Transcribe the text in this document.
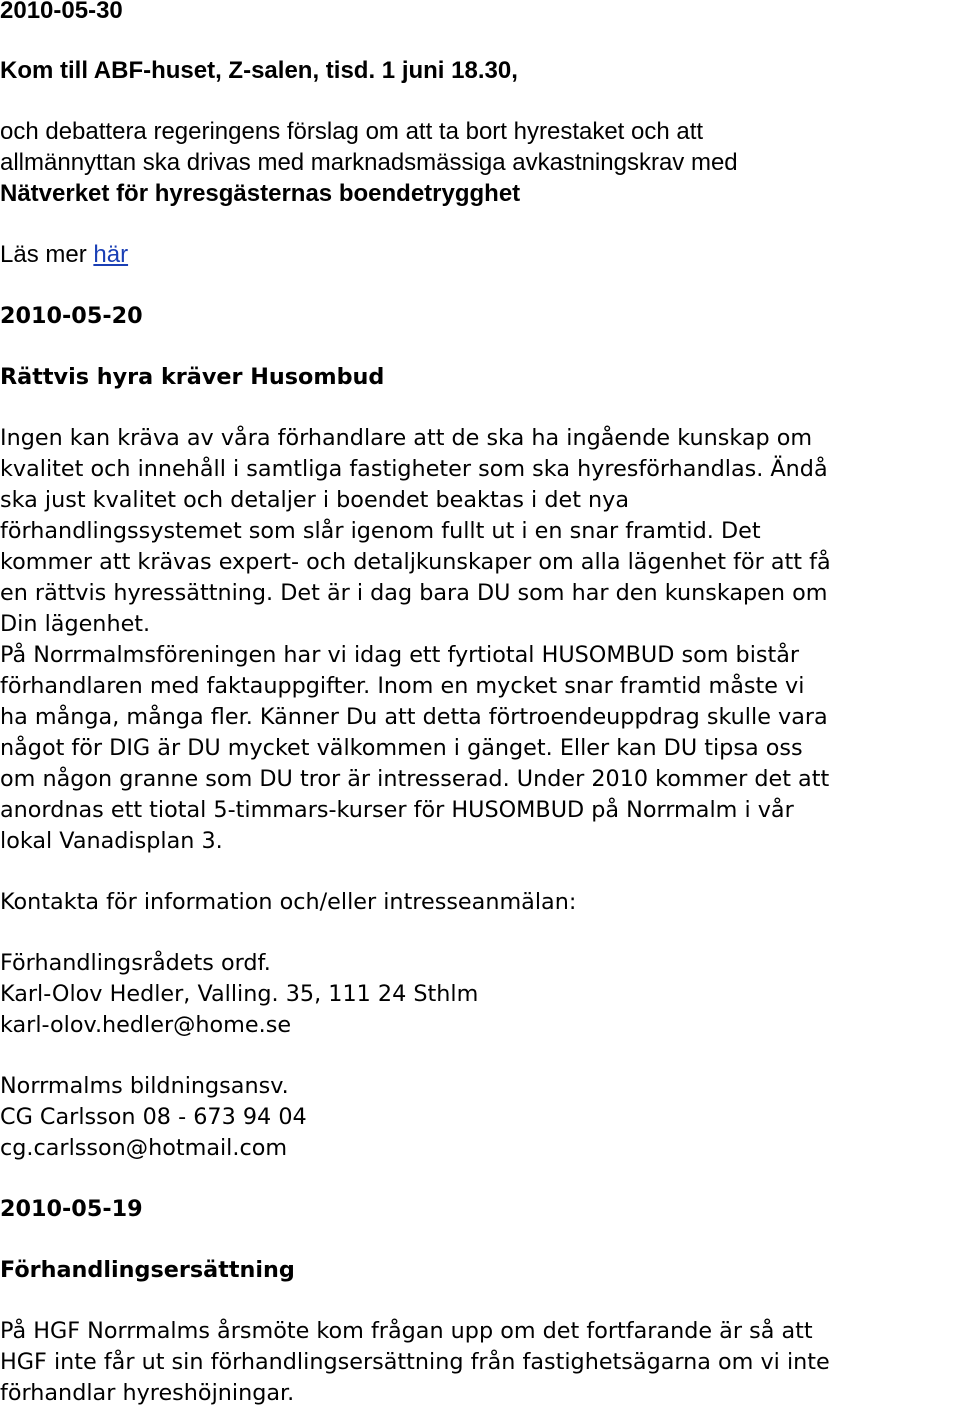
2010-05-30
Kom till ABF-huset, Z-salen, tisd. 1 juni 18.30,
och debattera regeringens förslag om att ta bort hyrestaket och att
allmännyttan ska drivas med marknadsmässiga avkastningskrav med
Nätverket för hyresgästernas boendetrygghet
Läs mer här
2010-05-20
Rättvis hyra kräver Husombud
Ingen kan kräva av våra förhandlare att de ska ha ingående kunskap om
kvalitet och innehåll i samtliga fastigheter som ska hyresförhandlas. Ändå
ska just kvalitet och detaljer i boendet beaktas i det nya
förhandlingssystemet som slår igenom fullt ut i en snar framtid. Det
kommer att krävas expert- och detaljkunskaper om alla lägenhet för att få
en rättvis hyressättning. Det är i dag bara DU som har den kunskapen om
Din lägenhet.
På Norrmalmsföreningen har vi idag ett fyrtiotal HUSOMBUD som bistår
förhandlaren med faktauppgifter. Inom en mycket snar framtid måste vi
ha många, många fler. Känner Du att detta förtroendeuppdrag skulle vara
något för DIG är DU mycket välkommen i gänget. Eller kan DU tipsa oss
om någon granne som DU tror är intresserad. Under 2010 kommer det att
anordnas ett tiotal 5-timmars-kurser för HUSOMBUD på Norrmalm i vår
lokal Vanadisplan 3.
Kontakta för information och/eller intresseanmälan:
Förhandlingsrådets ordf.
Karl-Olov Hedler, Valling. 35, 111 24 Sthlm
karl-olov.hedler@home.se
Norrmalms bildningsansv.
CG Carlsson 08 - 673 94 04
cg.carlsson@hotmail.com
2010-05-19
Förhandlingsersättning
På HGF Norrmalms årsmöte kom frågan upp om det fortfarande är så att
HGF inte får ut sin förhandlingsersättning från fastighetsägarna om vi inte
förhandlar hyreshöjningar.
